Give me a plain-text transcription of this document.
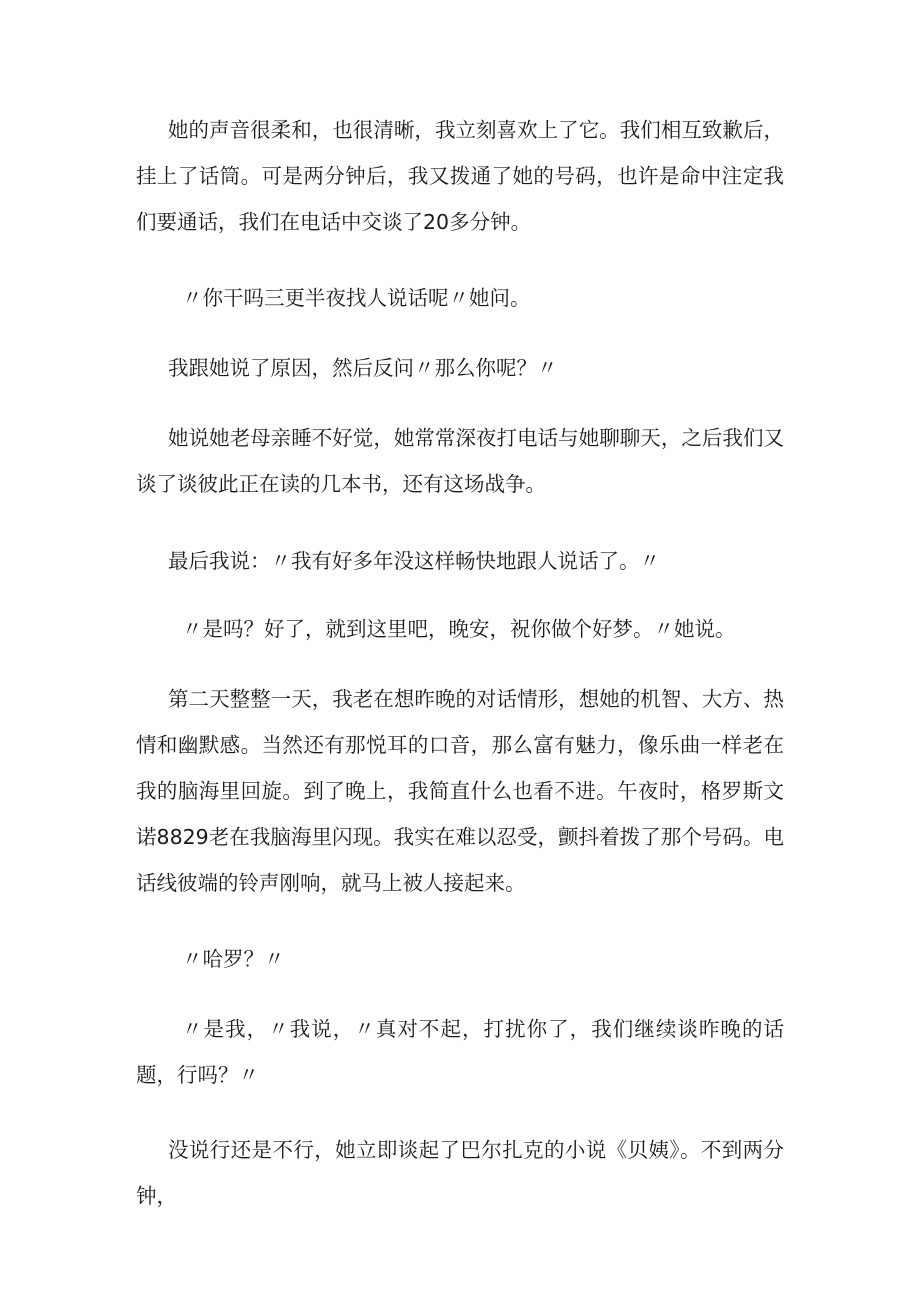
她的声音很柔和，也很清晰，我立刻喜欢上了它。我们相互致歉后，挂上了话筒。可是两分钟后，我又拨通了她的号码，也许是命中注定我们要通话，我们在电话中交谈了20多分钟。

〃你干吗三更半夜找人说话呢〃她问。

我跟她说了原因，然后反问〃那么你呢？〃

她说她老母亲睡不好觉，她常常深夜打电话与她聊聊天，之后我们又谈了谈彼此正在读的几本书，还有这场战争。

最后我说：〃我有好多年没这样畅快地跟人说话了。〃

〃是吗？好了，就到这里吧，晚安，祝你做个好梦。〃她说。

第二天整整一天，我老在想昨晚的对话情形，想她的机智、大方、热情和幽默感。当然还有那悦耳的口音，那么富有魅力，像乐曲一样老在我的脑海里回旋。到了晚上，我简直什么也看不进。午夜时，格罗斯文诺8829老在我脑海里闪现。我实在难以忍受，颤抖着拨了那个号码。电话线彼端的铃声刚响，就马上被人接起来。

〃哈罗？〃

〃是我，〃我说，〃真对不起，打扰你了，我们继续谈昨晚的话题，行吗？〃

没说行还是不行，她立即谈起了巴尔扎克的小说《贝姨》。不到两分钟，
